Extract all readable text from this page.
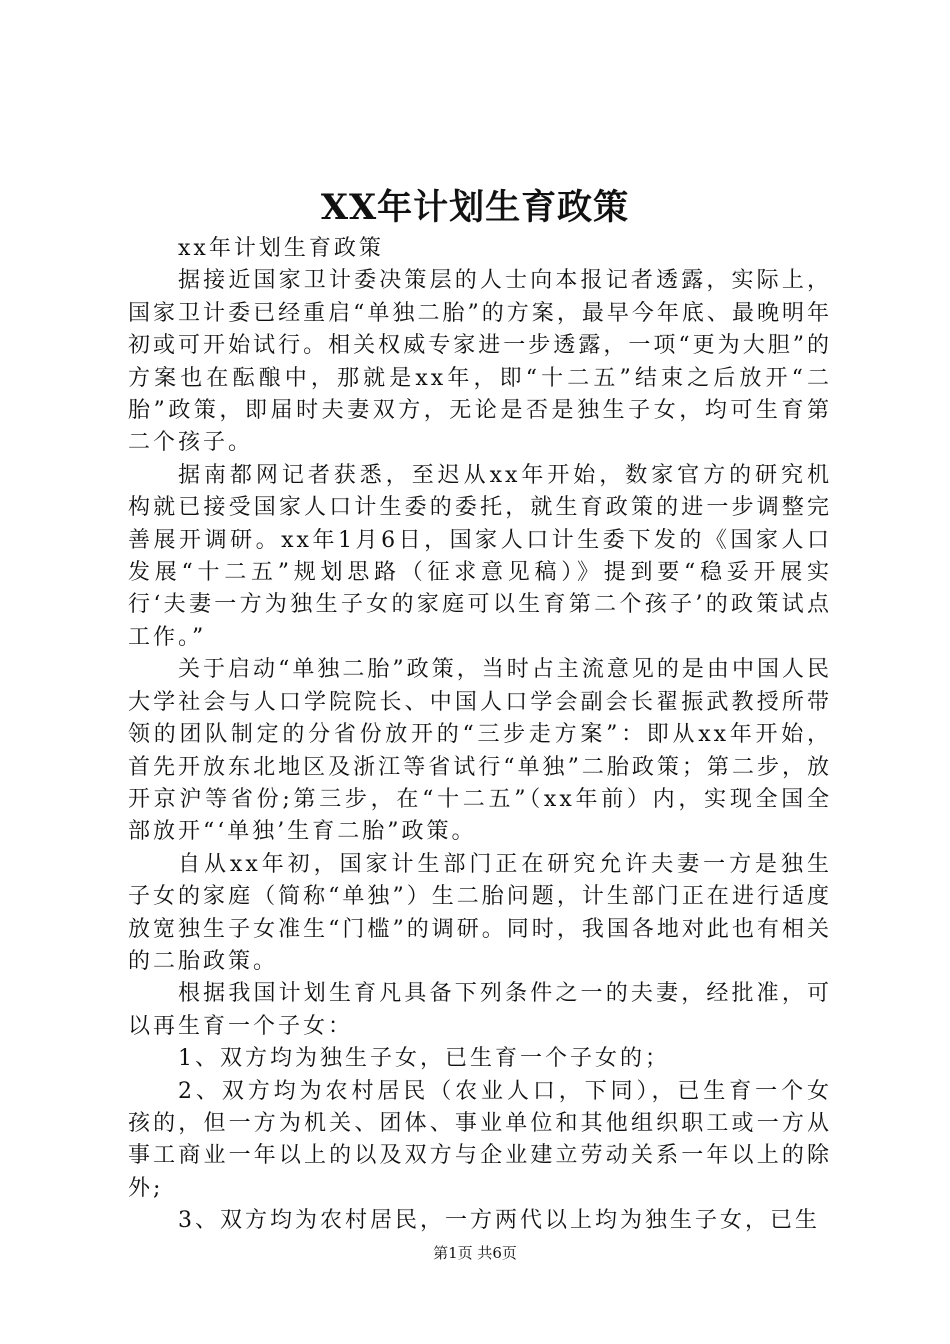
XX年计划生育政策

xx年计划生育政策

据接近国家卫计委决策层的人士向本报记者透露，实际上，国家卫计委已经重启“单独二胎”的方案，最早今年底、最晚明年初或可开始试行。相关权威专家进一步透露，一项“更为大胆”的方案也在酝酿中，那就是xx年，即“十二五”结束之后放开“二胎”政策，即届时夫妻双方，无论是否是独生子女，均可生育第二个孩子。

据南都网记者获悉，至迟从xx年开始，数家官方的研究机构就已接受国家人口计生委的委托，就生育政策的进一步调整完善展开调研。xx年1月6日，国家人口计生委下发的《国家人口发展“十二五”规划思路（征求意见稿）》提到要“稳妥开展实行‘夫妻一方为独生子女的家庭可以生育第二个孩子’的政策试点工作。”

关于启动“单独二胎”政策，当时占主流意见的是由中国人民大学社会与人口学院院长、中国人口学会副会长翟振武教授所带领的团队制定的分省份放开的“三步走方案”：即从xx年开始，首先开放东北地区及浙江等省试行“单独”二胎政策；第二步，放开京沪等省份;第三步，在“十二五”（xx年前）内，实现全国全部放开“‘单独’生育二胎”政策。

自从xx年初，国家计生部门正在研究允许夫妻一方是独生子女的家庭（简称“单独”）生二胎问题，计生部门正在进行适度放宽独生子女准生“门槛”的调研。同时，我国各地对此也有相关的二胎政策。

根据我国计划生育凡具备下列条件之一的夫妻，经批准，可以再生育一个子女：

1、双方均为独生子女，已生育一个子女的；

2、双方均为农村居民（农业人口，下同），已生育一个女孩的，但一方为机关、团体、事业单位和其他组织职工或一方从事工商业一年以上的以及双方与企业建立劳动关系一年以上的除外;

3、双方均为农村居民，一方两代以上均为独生子女，已生

第1页 共6页
